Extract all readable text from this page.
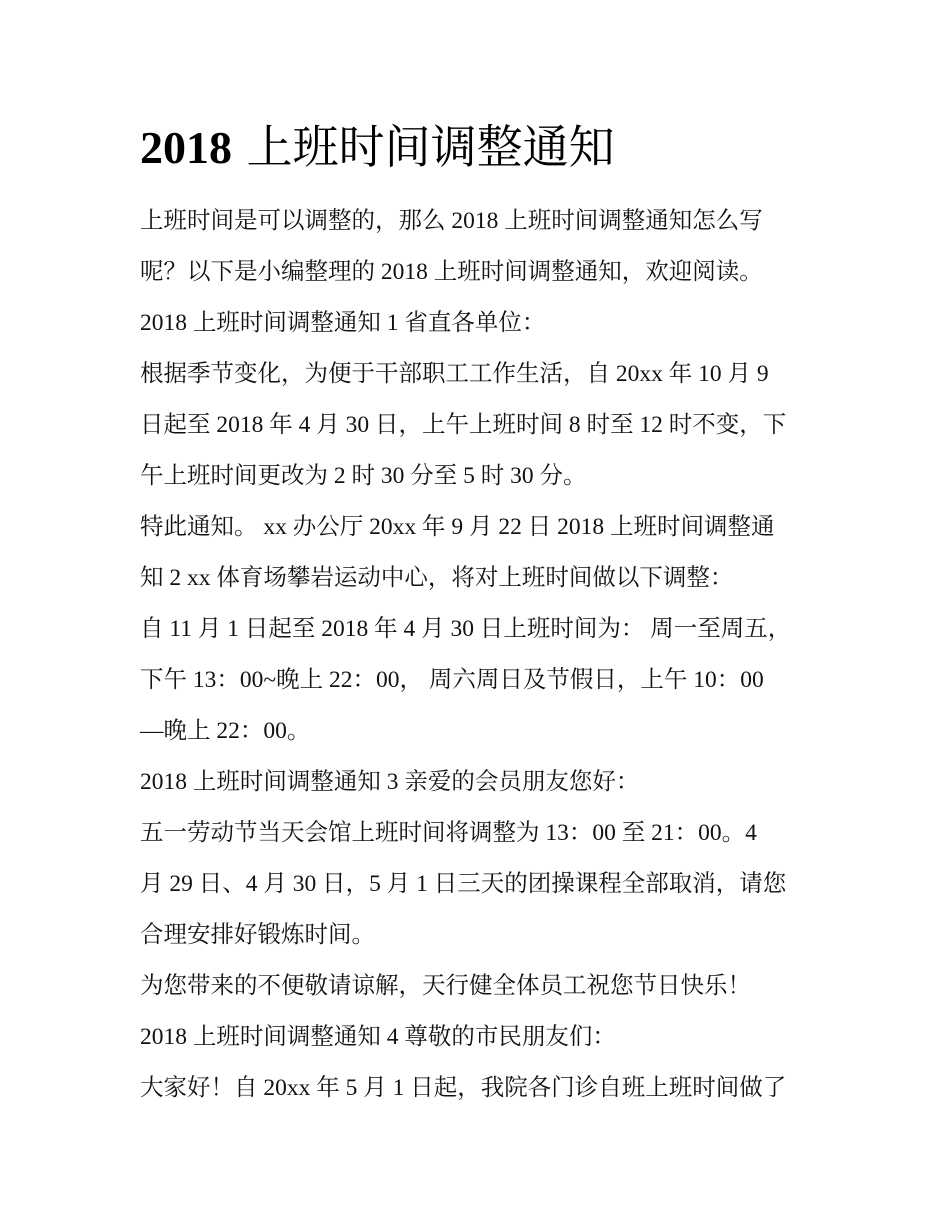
2018 上班时间调整通知
上班时间是可以调整的，那么 2018 上班时间调整通知怎么写
呢？以下是小编整理的 2018 上班时间调整通知，欢迎阅读。
2018 上班时间调整通知 1 省直各单位：
根据季节变化，为便于干部职工工作生活，自 20xx 年 10 月 9
日起至 2018 年 4 月 30 日，上午上班时间 8 时至 12 时不变，下
午上班时间更改为 2 时 30 分至 5 时 30 分。
特此通知。 xx 办公厅 20xx 年 9 月 22 日 2018 上班时间调整通
知 2 xx 体育场攀岩运动中心，将对上班时间做以下调整：
自 11 月 1 日起至 2018 年 4 月 30 日上班时间为： 周一至周五，
下午 13：00~晚上 22：00， 周六周日及节假日，上午 10：00
—晚上 22：00。
2018 上班时间调整通知 3 亲爱的会员朋友您好：
五一劳动节当天会馆上班时间将调整为 13：00 至 21：00。4
月 29 日、4 月 30 日，5 月 1 日三天的团操课程全部取消，请您
合理安排好锻炼时间。
为您带来的不便敬请谅解，天行健全体员工祝您节日快乐！
2018 上班时间调整通知 4 尊敬的市民朋友们：
大家好！自 20xx 年 5 月 1 日起，我院各门诊自班上班时间做了
